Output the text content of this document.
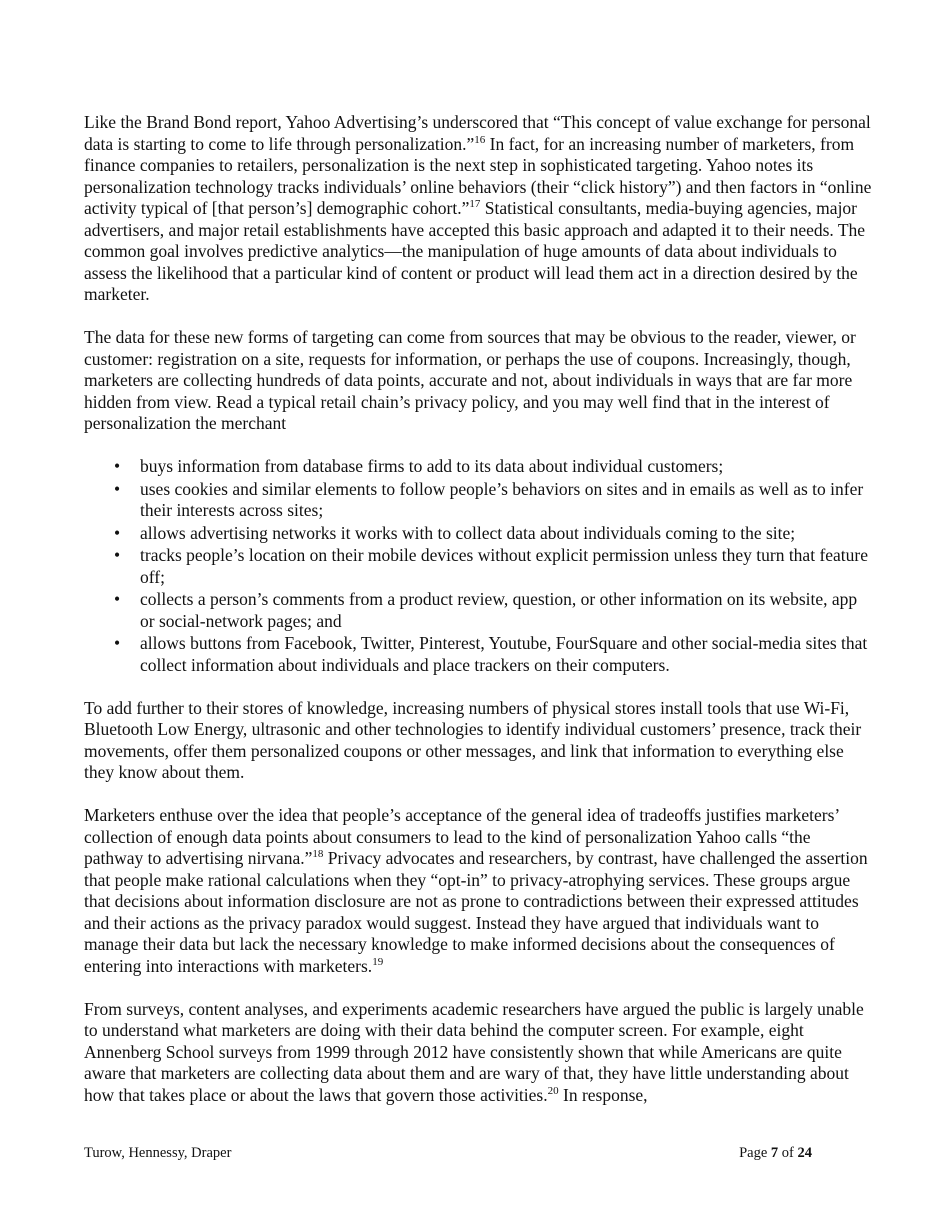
Like the Brand Bond report, Yahoo Advertising’s underscored that “This concept of value exchange for personal data is starting to come to life through personalization.”$^{16}$ In fact, for an increasing number of marketers, from finance companies to retailers, personalization is the next step in sophisticated targeting. Yahoo notes its personalization technology tracks individuals’ online behaviors (their “click history”) and then factors in “online activity typical of [that person’s] demographic cohort.”$^{17}$ Statistical consultants, media-buying agencies, major advertisers, and major retail establishments have accepted this basic approach and adapted it to their needs. The common goal involves predictive analytics—the manipulation of huge amounts of data about individuals to assess the likelihood that a particular kind of content or product will lead them act in a direction desired by the marketer.

The data for these new forms of targeting can come from sources that may be obvious to the reader, viewer, or customer: registration on a site, requests for information, or perhaps the use of coupons. Increasingly, though, marketers are collecting hundreds of data points, accurate and not, about individuals in ways that are far more hidden from view. Read a typical retail chain’s privacy policy, and you may well find that in the interest of personalization the merchant

• buys information from database firms to add to its data about individual customers;
• uses cookies and similar elements to follow people’s behaviors on sites and in emails as well as to infer their interests across sites;
• allows advertising networks it works with to collect data about individuals coming to the site;
• tracks people’s location on their mobile devices without explicit permission unless they turn that feature off;
• collects a person’s comments from a product review, question, or other information on its website, app or social-network pages; and
• allows buttons from Facebook, Twitter, Pinterest, Youtube, FourSquare and other social-media sites that collect information about individuals and place trackers on their computers.

To add further to their stores of knowledge, increasing numbers of physical stores install tools that use Wi-Fi, Bluetooth Low Energy, ultrasonic and other technologies to identify individual customers’ presence, track their movements, offer them personalized coupons or other messages, and link that information to everything else they know about them.

Marketers enthuse over the idea that people’s acceptance of the general idea of tradeoffs justifies marketers’ collection of enough data points about consumers to lead to the kind of personalization Yahoo calls “the pathway to advertising nirvana.”$^{18}$ Privacy advocates and researchers, by contrast, have challenged the assertion that people make rational calculations when they “opt-in” to privacy-atrophying services. These groups argue that decisions about information disclosure are not as prone to contradictions between their expressed attitudes and their actions as the privacy paradox would suggest. Instead they have argued that individuals want to manage their data but lack the necessary knowledge to make informed decisions about the consequences of entering into interactions with marketers.$^{19}$

From surveys, content analyses, and experiments academic researchers have argued the public is largely unable to understand what marketers are doing with their data behind the computer screen. For example, eight Annenberg School surveys from 1999 through 2012 have consistently shown that while Americans are quite aware that marketers are collecting data about them and are wary of that, they have little understanding about how that takes place or about the laws that govern those activities.$^{20}$ In response,

Turow, Hennessy, Draper	Page 7 of 24
